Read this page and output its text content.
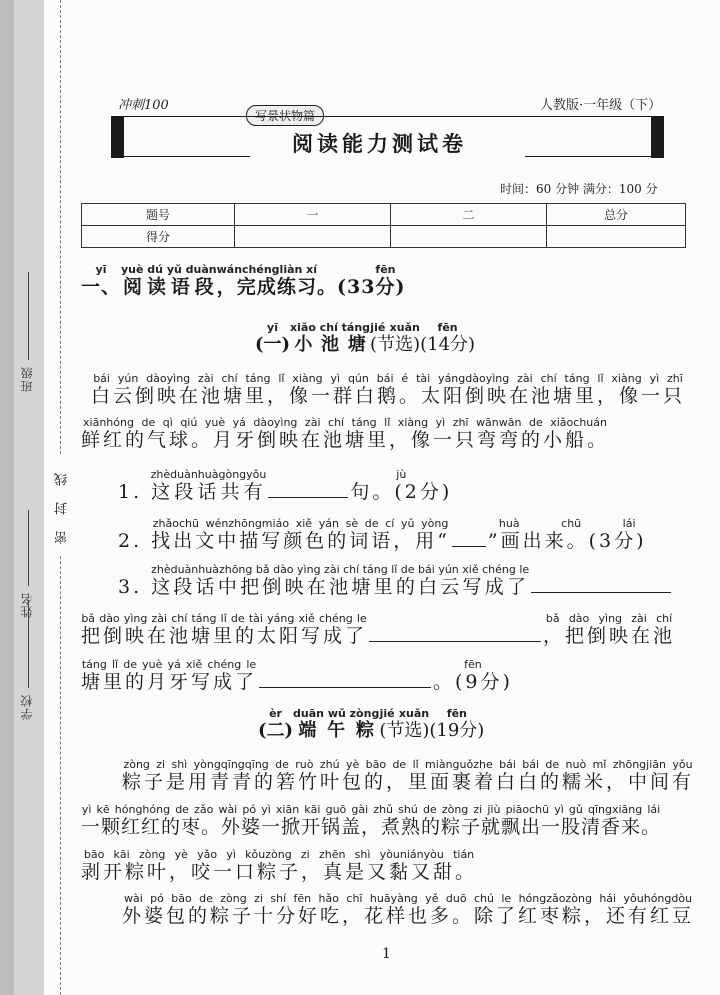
班级
姓名
学校
密 封 线
冲刺100
写景状物篇
人教版·一年级（下）
阅读能力测试卷
时间：60 分钟 满分：100 分
题号	一	二	总分
得分			
一、yī阅读语段yuè dú yǔ duàn，完成练习wánchéngliàn xí。(33分fēn)
(一)yī小池塘xiǎo chí táng(节选)jié xuǎn(14分)fēn
白云倒映在池塘里，像一群白鹅。太阳倒映在池塘里，像一只bái yún dàoyìng zài chí táng lǐ xiàng yì qún bái é tài yángdàoyìng zài chí táng lǐ xiàng yì zhī
鲜红的气球。月牙倒映在池塘里，像一只弯弯的小船。xiānhóng de qì qiú yuè yá dàoyìng zài chí táng lǐ xiàng yì zhī wānwān de xiǎochuán
1. 这段话共有zhèduànhuàgòngyǒu句。(2分)jù
2. 找出文中描写颜色的词语，用“zhǎochū wénzhōngmiáo xiě yán sè de cí yǔ yòng”画出来。(3分)huà chū lái
3. 这段话中把倒映在池塘里的白云写成了zhèduànhuàzhōng bǎ dào yìng zài chí táng lǐ de bái yún xiě chéng le
把倒映在池塘里的太阳写成了bǎ dào yìng zài chí táng lǐ de tài yáng xiě chéng le，把倒映在池bǎ dào yìng zài chí
塘里的月牙写成了táng lǐ de yuè yá xiě chéng le。(9分)fēn
(二)èr端午粽duān wǔ zòng(节选)jié xuǎn(19分)fēn
粽子是用青青的箬竹叶包的，里面裹着白白的糯米，中间有zòng zi shì yòngqīngqīng de ruò zhú yè bāo de lǐ miànguǒzhe bái bái de nuò mǐ zhōngjiān yǒu
一颗红红的枣。外婆一掀开锅盖，煮熟的粽子就飘出一股清香来。yì kē hónghóng de zǎo wài pó yì xiān kāi guō gài zhǔ shú de zòng zi jiù piāochū yì gǔ qīngxiāng lái
剥开粽叶，咬一口粽子，真是又黏又甜。bāo kāi zòng yè yǎo yì kǒuzòng zi zhēn shì yòuniányòu tián
外婆包的粽子十分好吃，花样也多。除了红枣粽，还有红豆wài pó bāo de zòng zi shí fēn hǎo chī huāyàng yě duō chú le hóngzǎozòng hái yǒuhóngdòu
1
